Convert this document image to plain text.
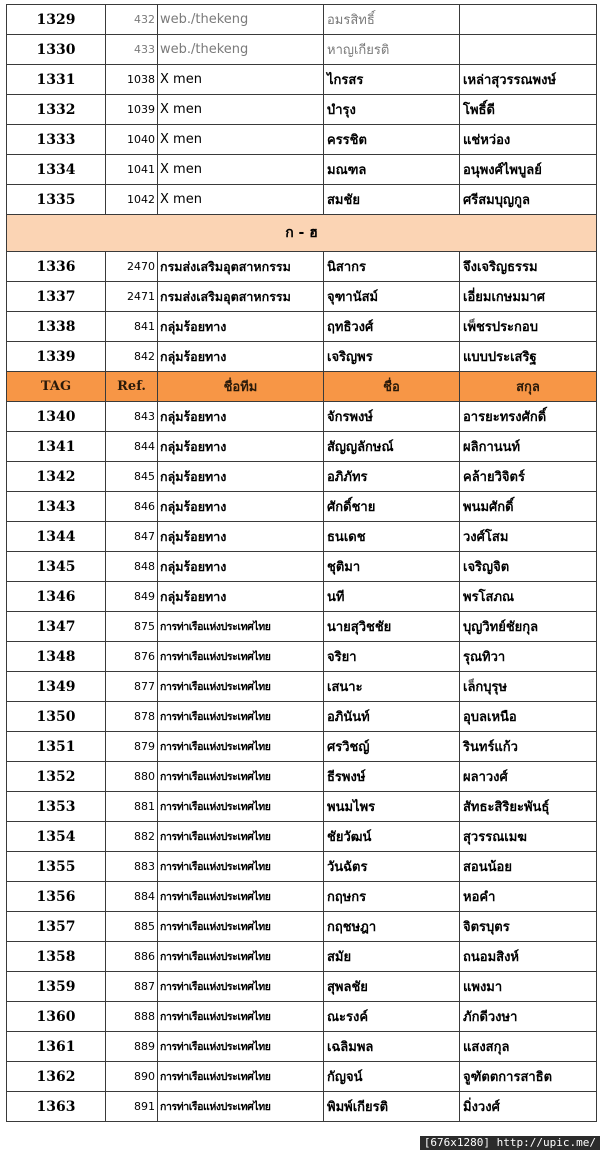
1329	432	web./thekeng	อมรสิทธิ์	
1330	433	web./thekeng	หาญเกียรติ	
1331	1038	X men	ไกรสร	เหล่าสุวรรณพงษ์
1332	1039	X men	บำรุง	โพธิ์ดี
1333	1040	X men	ครรชิต	แช่หว่อง
1334	1041	X men	มณฑล	อนุพงศ์ไพบูลย์
1335	1042	X men	สมชัย	ศรีสมบุญกูล
ก - ฮ				
1336	2470	กรมส่งเสริมอุตสาหกรรม	นิสากร	จึงเจริญธรรม
1337	2471	กรมส่งเสริมอุตสาหกรรม	จุฑานัสม์	เอี่ยมเกษมมาศ
1338	841	กลุ่มร้อยทาง	ฤทธิวงศ์	เพ็ชรประกอบ
1339	842	กลุ่มร้อยทาง	เจริญพร	แบบประเสริฐ
TAG	Ref.	ชื่อทีม	ชื่อ	สกุล
1340	843	กลุ่มร้อยทาง	จักรพงษ์	อารยะทรงศักดิ์
1341	844	กลุ่มร้อยทาง	สัญญลักษณ์	ผลิกานนท์
1342	845	กลุ่มร้อยทาง	อภิภัทร	คล้ายวิจิตร์
1343	846	กลุ่มร้อยทาง	ศักดิ์ชาย	พนมศักดิ์
1344	847	กลุ่มร้อยทาง	ธนเดช	วงศ์โสม
1345	848	กลุ่มร้อยทาง	ชุติมา	เจริญจิต
1346	849	กลุ่มร้อยทาง	นที	พรโสภณ
1347	875	การท่าเรือแห่งประเทศไทย	นายสุวิชชัย	บุญวิทย์ชัยกุล
1348	876	การท่าเรือแห่งประเทศไทย	จริยา	รุณทิวา
1349	877	การท่าเรือแห่งประเทศไทย	เสนาะ	เล็กบุรุษ
1350	878	การท่าเรือแห่งประเทศไทย	อภินันท์	อุบลเหนือ
1351	879	การท่าเรือแห่งประเทศไทย	ศรวิชญ์	รินทร์แก้ว
1352	880	การท่าเรือแห่งประเทศไทย	ธีรพงษ์	ผลาวงศ์
1353	881	การท่าเรือแห่งประเทศไทย	พนมไพร	สัทธะสิริยะพันธุ์
1354	882	การท่าเรือแห่งประเทศไทย	ชัยวัฒน์	สุวรรณเมฆ
1355	883	การท่าเรือแห่งประเทศไทย	วันฉัตร	สอนน้อย
1356	884	การท่าเรือแห่งประเทศไทย	กฤษกร	หอคำ
1357	885	การท่าเรือแห่งประเทศไทย	กฤชษฎา	จิตรบุตร
1358	886	การท่าเรือแห่งประเทศไทย	สมัย	ถนอมสิงห์
1359	887	การท่าเรือแห่งประเทศไทย	สุพลชัย	แพงมา
1360	888	การท่าเรือแห่งประเทศไทย	ณะรงค์	ภักดีวงษา
1361	889	การท่าเรือแห่งประเทศไทย	เฉลิมพล	แสงสกุล
1362	890	การท่าเรือแห่งประเทศไทย	กัญจน์	จูฑัตตการสาธิต
1363	891	การท่าเรือแห่งประเทศไทย	พิมพ์เกียรติ	มิ่งวงศ์
[676x1280] http://upic.me/
